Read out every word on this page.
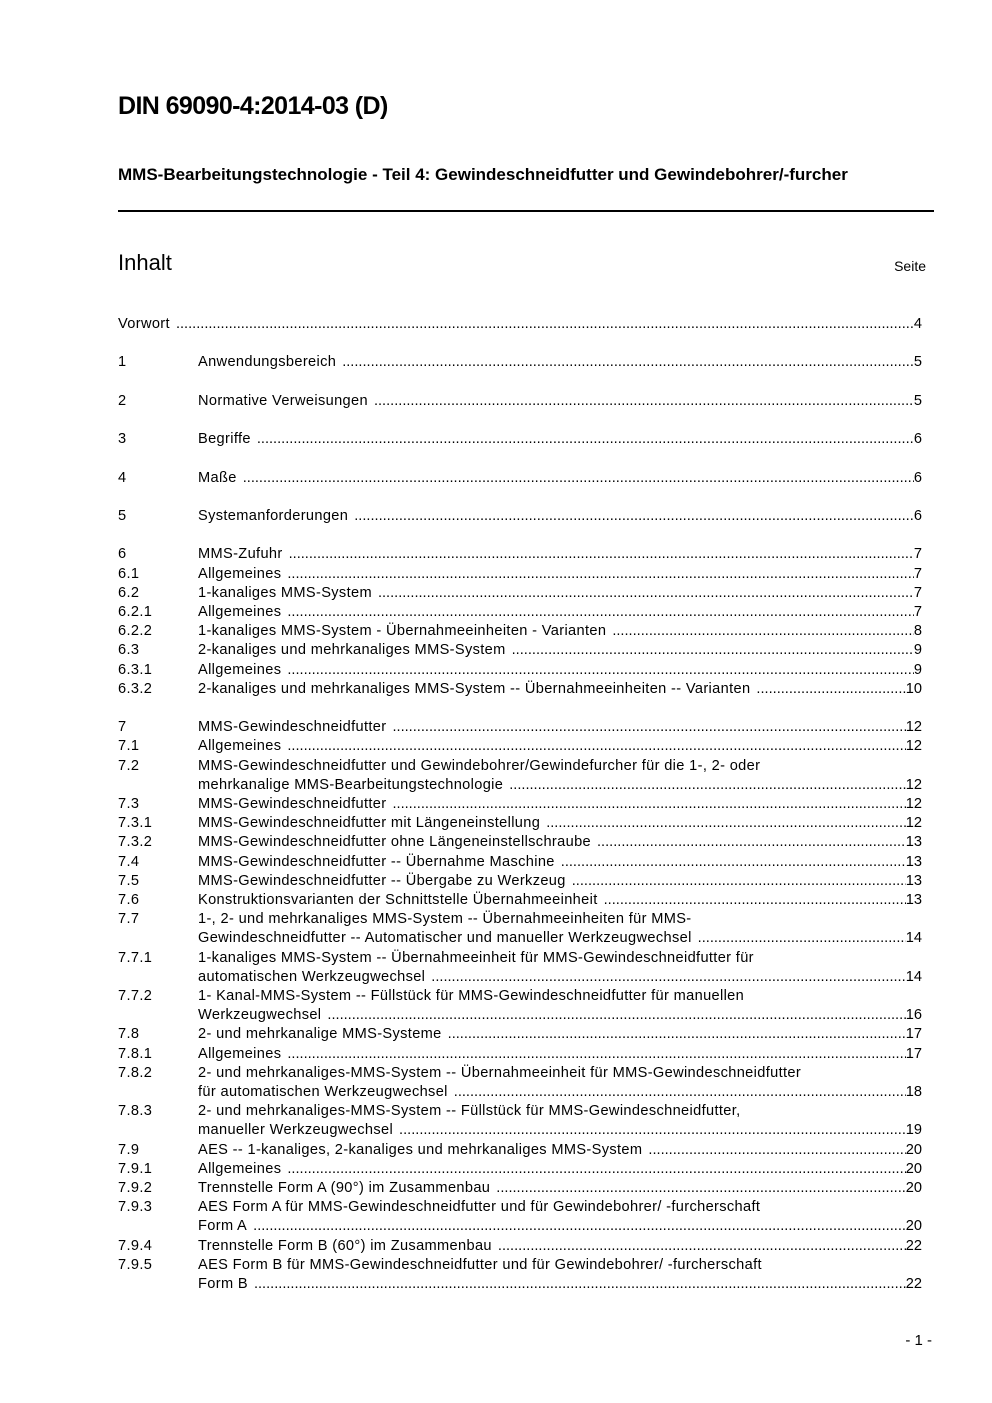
DIN 69090-4:2014-03 (D)
MMS-Bearbeitungstechnologie - Teil 4: Gewindeschneidfutter und Gewindebohrer/-furcher
Inhalt	Seite
Vorwort .....	4
1	Anwendungsbereich .....	5
2	Normative Verweisungen .....	5
3	Begriffe .....	6
4	Maße .....	6
5	Systemanforderungen .....	6
6	MMS-Zufuhr .....	7
6.1	Allgemeines .....	7
6.2	1-kanaliges MMS-System .....	7
6.2.1	Allgemeines .....	7
6.2.2	1-kanaliges MMS-System - Übernahmeeinheiten - Varianten .....	8
6.3	2-kanaliges und mehrkanaliges MMS-System .....	9
6.3.1	Allgemeines .....	9
6.3.2	2-kanaliges und mehrkanaliges MMS-System -- Übernahmeeinheiten -- Varianten .....	10
7	MMS-Gewindeschneidfutter .....	12
7.1	Allgemeines .....	12
7.2	MMS-Gewindeschneidfutter und Gewindebohrer/Gewindefurcher für die 1-, 2- oder
mehrkanalige MMS-Bearbeitungstechnologie .....	12
7.3	MMS-Gewindeschneidfutter .....	12
7.3.1	MMS-Gewindeschneidfutter mit Längeneinstellung .....	12
7.3.2	MMS-Gewindeschneidfutter ohne Längeneinstellschraube .....	13
7.4	MMS-Gewindeschneidfutter -- Übernahme Maschine .....	13
7.5	MMS-Gewindeschneidfutter -- Übergabe zu Werkzeug .....	13
7.6	Konstruktionsvarianten der Schnittstelle Übernahmeeinheit .....	13
7.7	1-, 2- und mehrkanaliges MMS-System -- Übernahmeeinheiten für MMS-
Gewindeschneidfutter -- Automatischer und manueller Werkzeugwechsel .....	14
7.7.1	1-kanaliges MMS-System -- Übernahmeeinheit für MMS-Gewindeschneidfutter für
automatischen Werkzeugwechsel .....	14
7.7.2	1- Kanal-MMS-System -- Füllstück für MMS-Gewindeschneidfutter für manuellen
Werkzeugwechsel .....	16
7.8	2- und mehrkanalige MMS-Systeme .....	17
7.8.1	Allgemeines .....	17
7.8.2	2- und mehrkanaliges-MMS-System -- Übernahmeeinheit für MMS-Gewindeschneidfutter
für automatischen Werkzeugwechsel .....	18
7.8.3	2- und mehrkanaliges-MMS-System -- Füllstück für MMS-Gewindeschneidfutter,
manueller Werkzeugwechsel .....	19
7.9	AES -- 1-kanaliges, 2-kanaliges und mehrkanaliges MMS-System .....	20
7.9.1	Allgemeines .....	20
7.9.2	Trennstelle Form A (90°) im Zusammenbau .....	20
7.9.3	AES Form A für MMS-Gewindeschneidfutter und für Gewindebohrer/ -furcherschaft
Form A .....	20
7.9.4	Trennstelle Form B (60°) im Zusammenbau .....	22
7.9.5	AES Form B für MMS-Gewindeschneidfutter und für Gewindebohrer/ -furcherschaft
Form B .....	22
- 1 -
